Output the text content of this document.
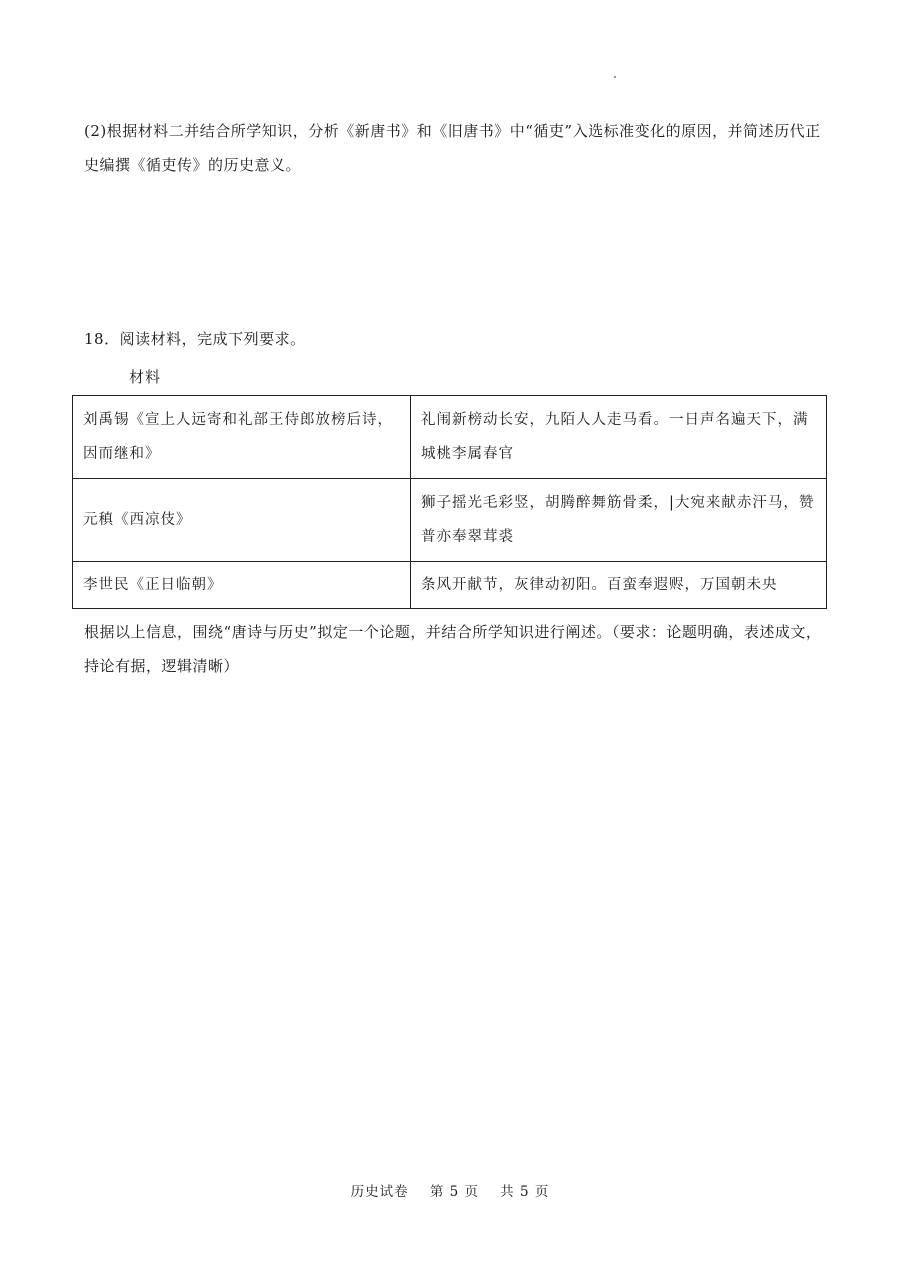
(2)根据材料二并结合所学知识，分析《新唐书》和《旧唐书》中“循吏”入选标准变化的原因，并简述历代正史编撰《循吏传》的历史意义。
18．阅读材料，完成下列要求。
材料
刘禹锡《宣上人远寄和礼部王侍郎放榜后诗，因而继和》	礼闱新榜动长安，九陌人人走马看。一日声名遍天下，满城桃李属春官
元稹《西凉伎》	狮子摇光毛彩竖，胡腾醉舞筋骨柔，|大宛来献赤汗马，赞普亦奉翠茸裘
李世民《正日临朝》	条风开献节，灰律动初阳。百蛮奉遐赆，万国朝未央
根据以上信息，围绕“唐诗与历史”拟定一个论题，并结合所学知识进行阐述。（要求：论题明确，表述成文，持论有据，逻辑清晰）
历史试卷    第 5 页    共 5 页
